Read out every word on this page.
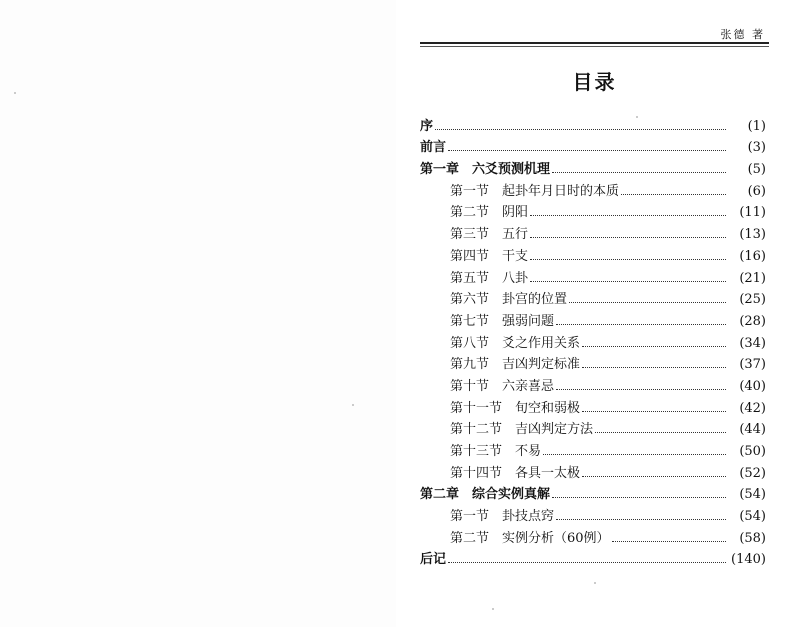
张德 著
目录
序	(1)
前言	(3)
第一章　六爻预测机理	(5)
第一节　起卦年月日时的本质	(6)
第二节　阴阳	(11)
第三节　五行	(13)
第四节　干支	(16)
第五节　八卦	(21)
第六节　卦宫的位置	(25)
第七节　强弱问题	(28)
第八节　爻之作用关系	(34)
第九节　吉凶判定标准	(37)
第十节　六亲喜忌	(40)
第十一节　旬空和弱极	(42)
第十二节　吉凶判定方法	(44)
第十三节　不易	(50)
第十四节　各具一太极	(52)
第二章　综合实例真解	(54)
第一节　卦技点窍	(54)
第二节　实例分析（60例）	(58)
后记	(140)
